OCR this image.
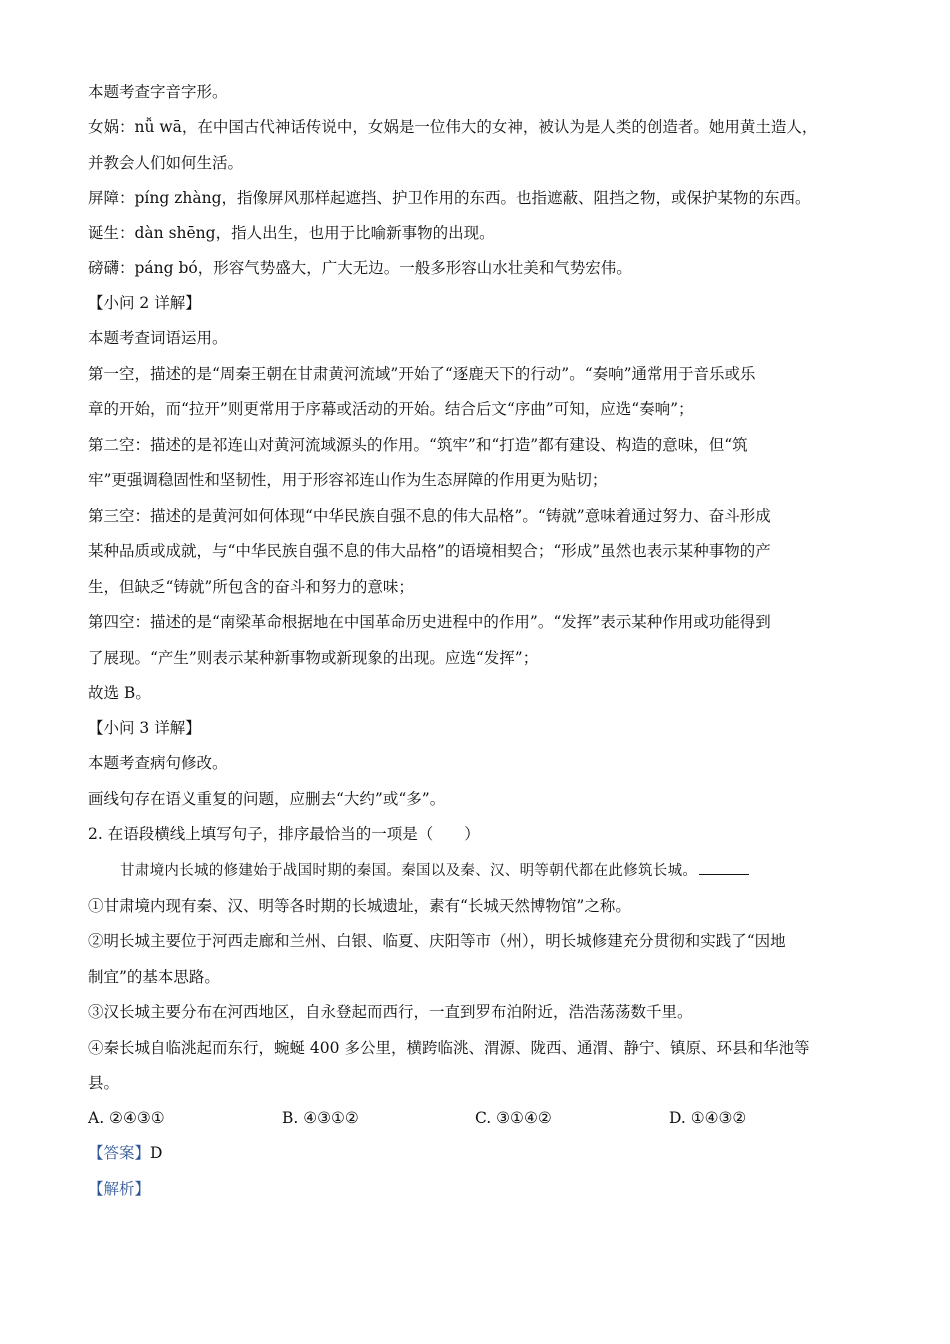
本题考查字音字形。

女娲：nǚ wā，在中国古代神话传说中，女娲是一位伟大的女神，被认为是人类的创造者。她用黄土造人，

并教会人们如何生活。

屏障：píng zhàng，指像屏风那样起遮挡、护卫作用的东西。也指遮蔽、阻挡之物，或保护某物的东西。

诞生：dàn shēng，指人出生，也用于比喻新事物的出现。

磅礴：páng bó，形容气势盛大，广大无边。一般多形容山水壮美和气势宏伟。

【小问 2 详解】

本题考查词语运用。

第一空，描述的是“周秦王朝在甘肃黄河流域”开始了“逐鹿天下的行动”。“奏响”通常用于音乐或乐

章的开始，而“拉开”则更常用于序幕或活动的开始。结合后文“序曲”可知，应选“奏响”；

第二空：描述的是祁连山对黄河流域源头的作用。“筑牢”和“打造”都有建设、构造的意味，但“筑

牢”更强调稳固性和坚韧性，用于形容祁连山作为生态屏障的作用更为贴切；

第三空：描述的是黄河如何体现“中华民族自强不息的伟大品格”。“铸就”意味着通过努力、奋斗形成

某种品质或成就，与“中华民族自强不息的伟大品格”的语境相契合；“形成”虽然也表示某种事物的产

生，但缺乏“铸就”所包含的奋斗和努力的意味；

第四空：描述的是“南梁革命根据地在中国革命历史进程中的作用”。“发挥”表示某种作用或功能得到

了展现。“产生”则表示某种新事物或新现象的出现。应选“发挥”；

故选 B。

【小问 3 详解】

本题考查病句修改。

画线句存在语义重复的问题，应删去“大约”或“多”。

2. 在语段横线上填写句子，排序最恰当的一项是（　　）

甘肃境内长城的修建始于战国时期的秦国。秦国以及秦、汉、明等朝代都在此修筑长城。

①甘肃境内现有秦、汉、明等各时期的长城遗址，素有“长城天然博物馆”之称。

②明长城主要位于河西走廊和兰州、白银、临夏、庆阳等市（州），明长城修建充分贯彻和实践了“因地

制宜”的基本思路。

③汉长城主要分布在河西地区，自永登起而西行，一直到罗布泊附近，浩浩荡荡数千里。

④秦长城自临洮起而东行，蜿蜒 400 多公里，横跨临洮、渭源、陇西、通渭、静宁、镇原、环县和华池等

县。

A. ②④③①	B. ④③①②	C. ③①④②	D. ①④③②

【答案】D

【解析】
